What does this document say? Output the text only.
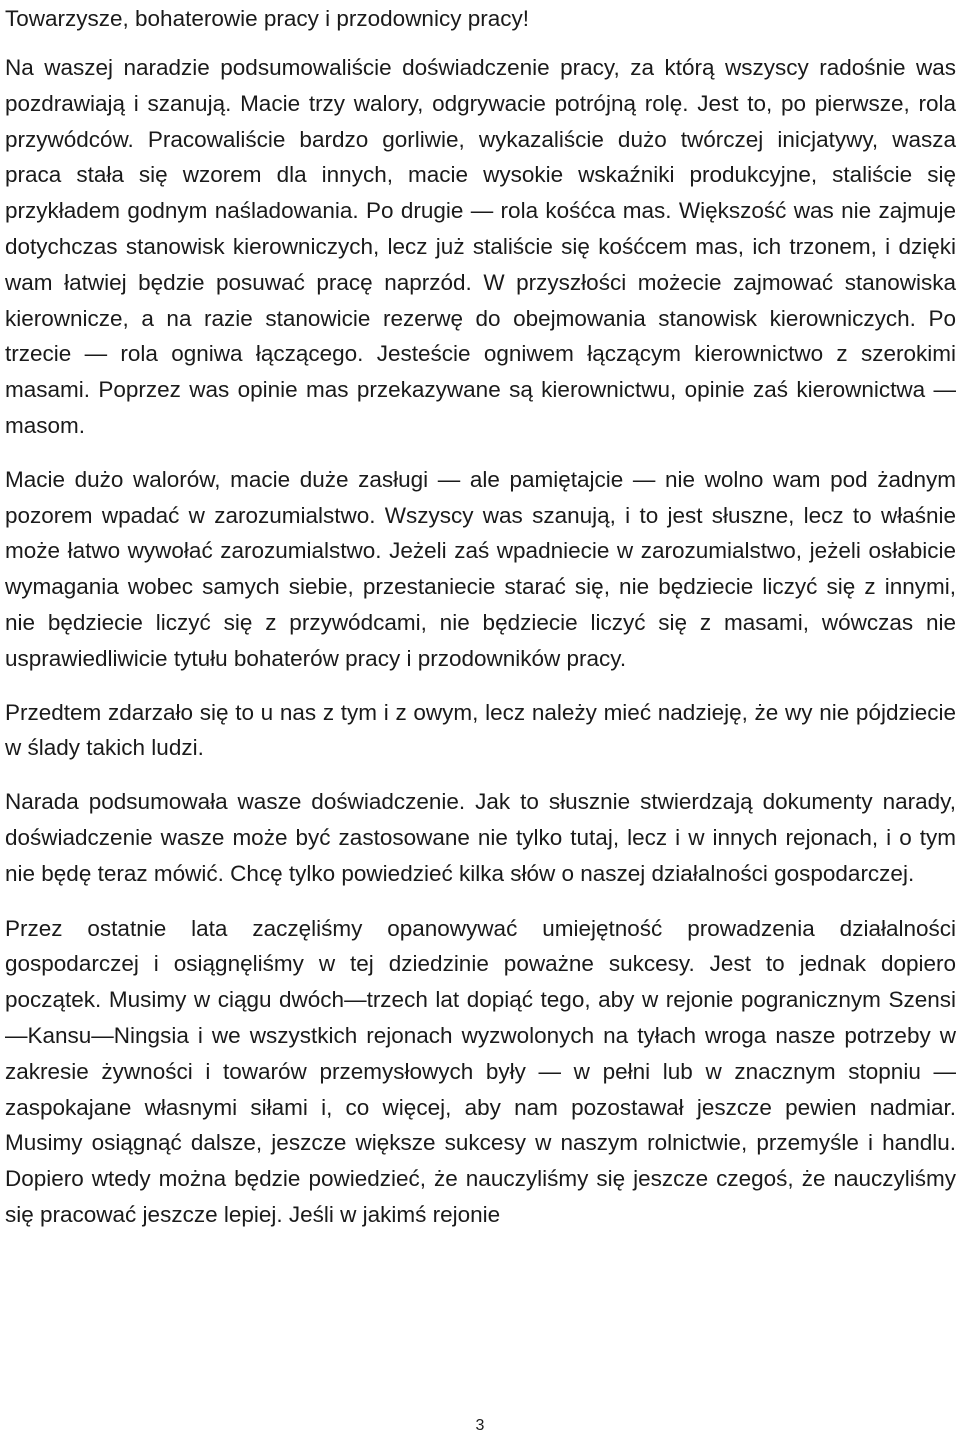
Towarzysze, bohaterowie pracy i przodownicy pracy!

Na waszej naradzie podsumowaliście doświadczenie pracy, za którą wszyscy radośnie was pozdrawiają i szanują. Macie trzy walory, odgrywacie potrójną rolę. Jest to, po pierwsze, rola przywódców. Pracowaliście bardzo gorliwie, wykazaliście dużo twórczej inicjatywy, wasza praca stała się wzorem dla innych, macie wysokie wskaźniki produkcyjne, staliście się przykładem godnym naśladowania. Po drugie — rola kośćca mas. Większość was nie zajmuje dotychczas stanowisk kierowniczych, lecz już staliście się kośćcem mas, ich trzonem, i dzięki wam łatwiej będzie posuwać pracę naprzód. W przyszłości możecie zajmować stanowiska kierownicze, a na razie stanowicie rezerwę do obejmowania stanowisk kierowniczych. Po trzecie — rola ogniwa łączącego. Jesteście ogniwem łączącym kierownictwo z szerokimi masami. Poprzez was opinie mas przekazywane są kierownictwu, opinie zaś kierownictwa — masom.

Macie dużo walorów, macie duże zasługi — ale pamiętajcie — nie wolno wam pod żadnym pozorem wpadać w zarozumialstwo. Wszyscy was szanują, i to jest słuszne, lecz to właśnie może łatwo wywołać zarozumialstwo. Jeżeli zaś wpadniecie w zarozumialstwo, jeżeli osłabicie wymagania wobec samych siebie, przestaniecie starać się, nie będziecie liczyć się z innymi, nie będziecie liczyć się z przywódcami, nie będziecie liczyć się z masami, wówczas nie usprawiedliwicie tytułu bohaterów pracy i przodowników pracy.

Przedtem zdarzało się to u nas z tym i z owym, lecz należy mieć nadzieję, że wy nie pójdziecie w ślady takich ludzi.

Narada podsumowała wasze doświadczenie. Jak to słusznie stwierdzają dokumenty narady, doświadczenie wasze może być zastosowane nie tylko tutaj, lecz i w innych rejonach, i o tym nie będę teraz mówić. Chcę tylko powiedzieć kilka słów o naszej działalności gospodarczej.

Przez ostatnie lata zaczęliśmy opanowywać umiejętność prowadzenia działalności gospodarczej i osiągnęliśmy w tej dziedzinie poważne sukcesy. Jest to jednak dopiero początek. Musimy w ciągu dwóch—trzech lat dopiąć tego, aby w rejonie pogranicznym Szensi—Kansu—Ningsia i we wszystkich rejonach wyzwolonych na tyłach wroga nasze potrzeby w zakresie żywności i towarów przemysłowych były — w pełni lub w znacznym stopniu — zaspokajane własnymi siłami i, co więcej, aby nam pozostawał jeszcze pewien nadmiar. Musimy osiągnąć dalsze, jeszcze większe sukcesy w naszym rolnictwie, przemyśle i handlu. Dopiero wtedy można będzie powiedzieć, że nauczyliśmy się jeszcze czegoś, że nauczyliśmy się pracować jeszcze lepiej. Jeśli w jakimś rejonie

3
